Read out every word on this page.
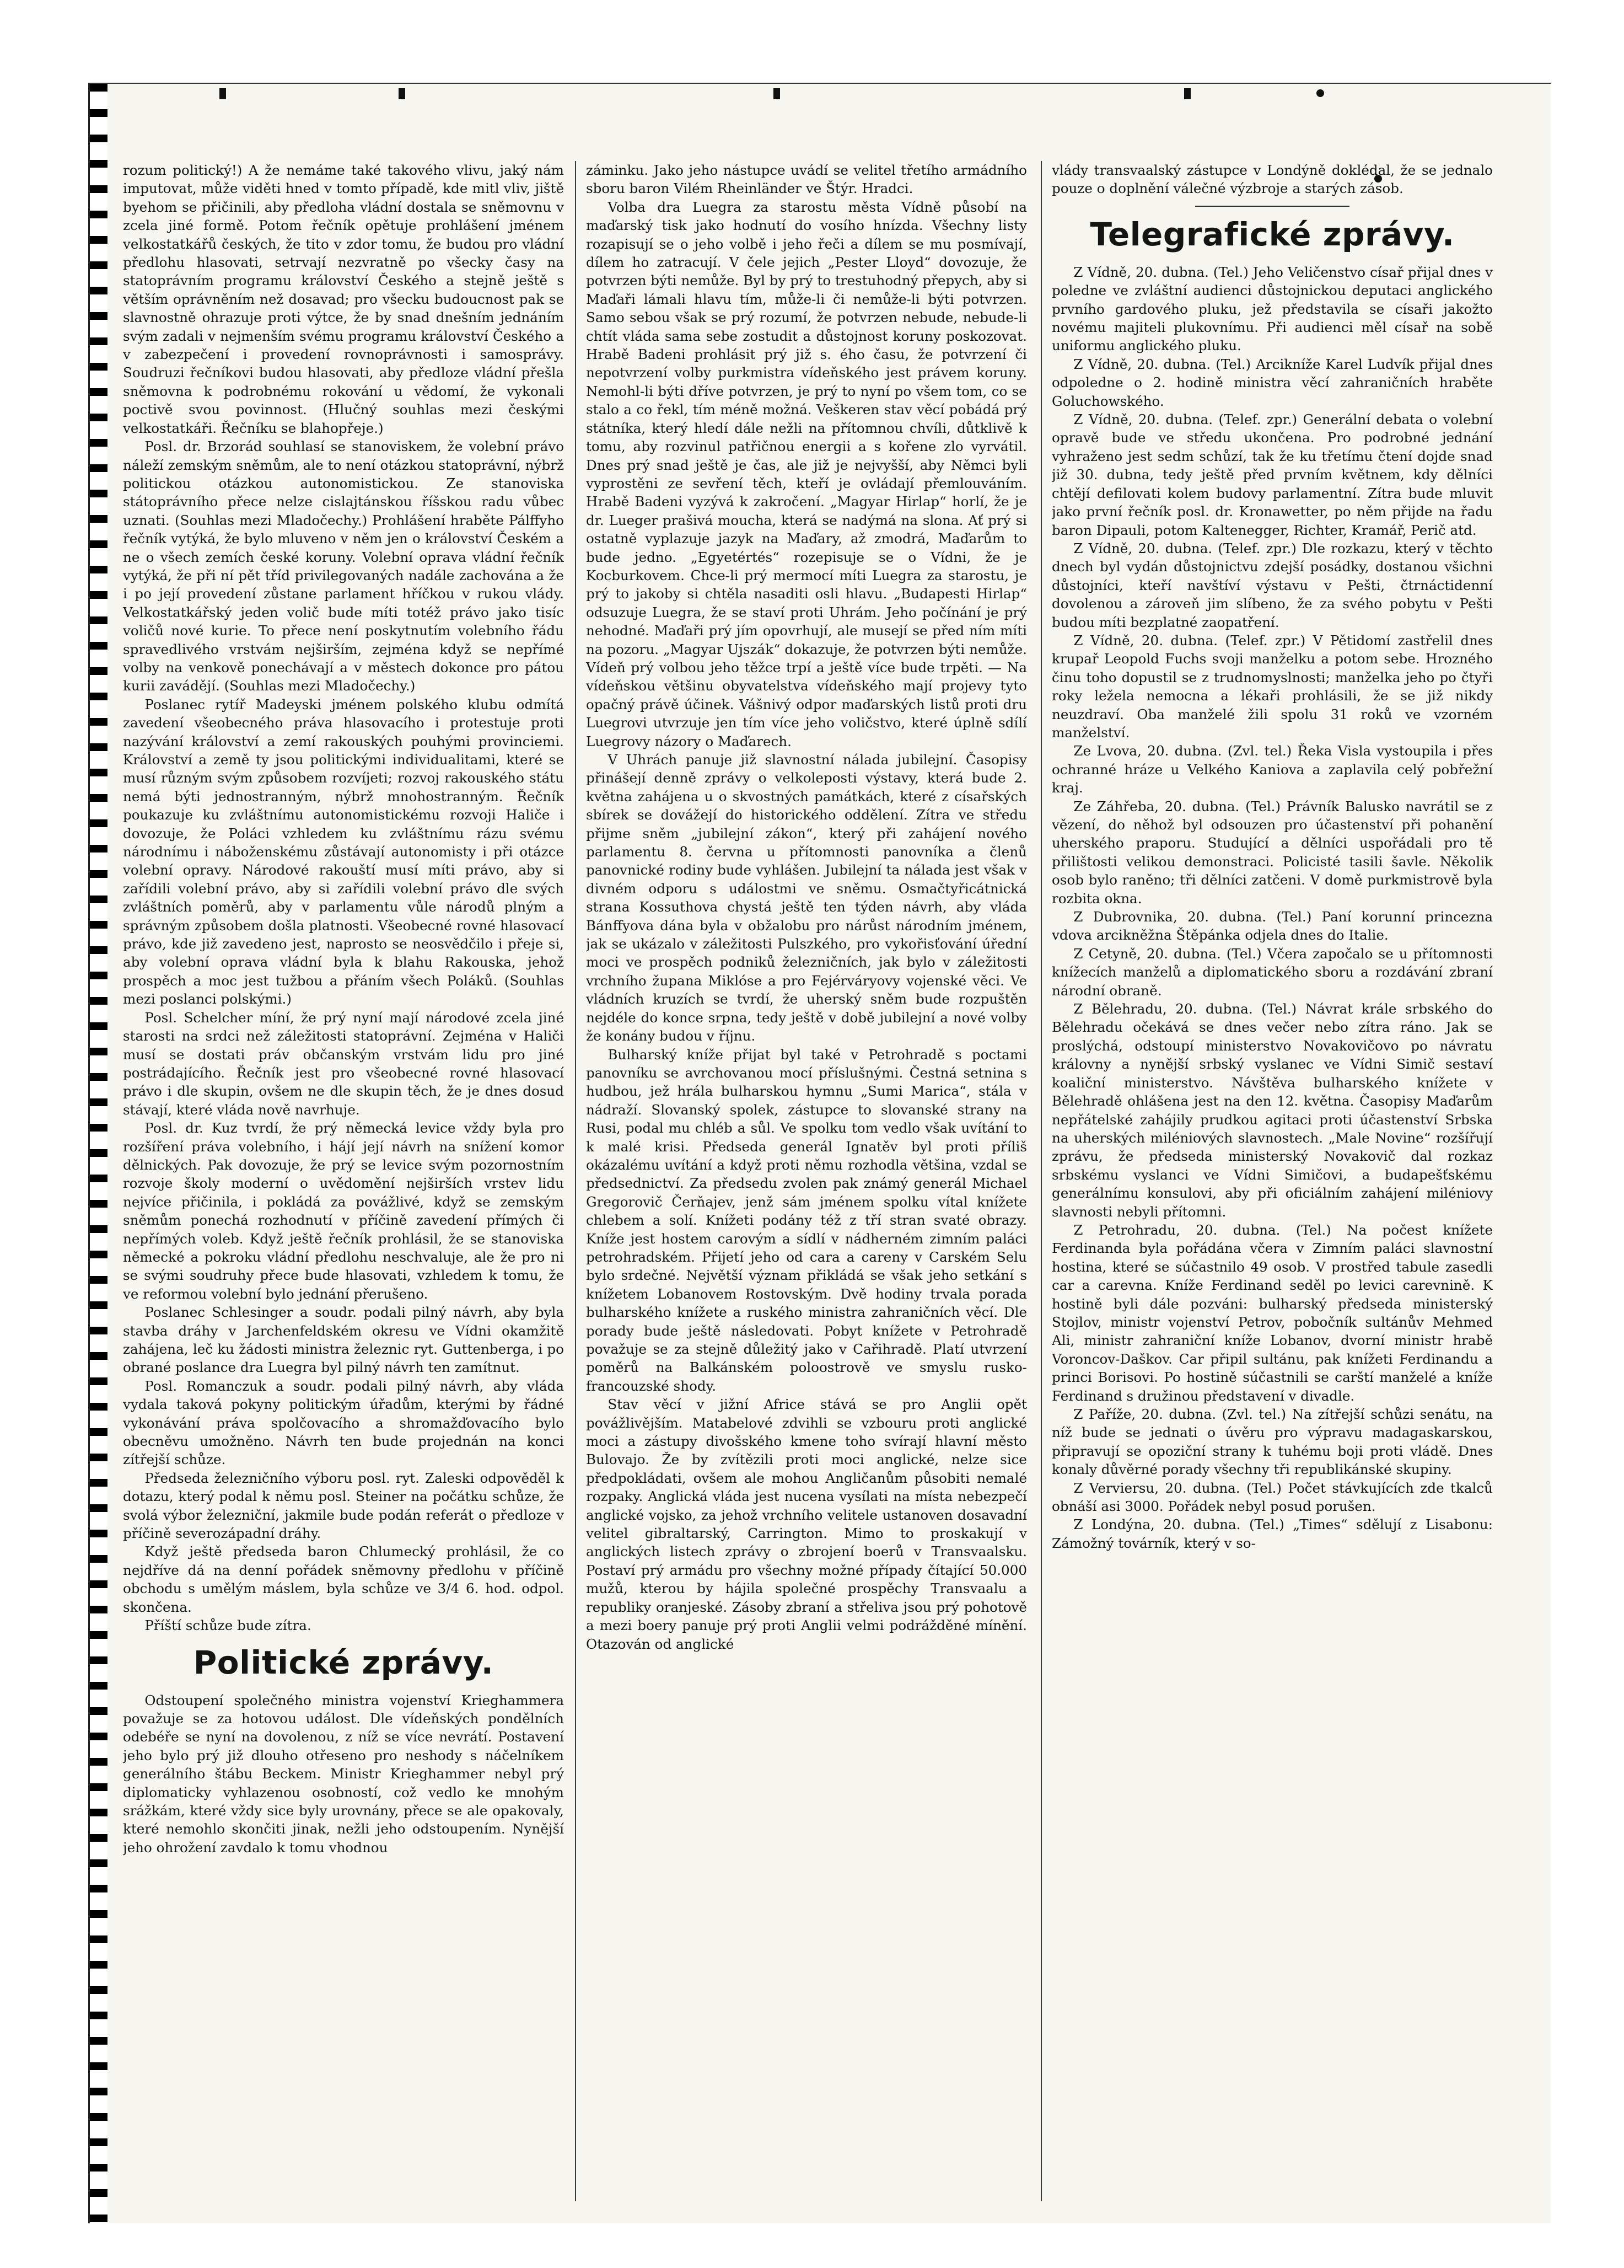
rozum politický!) A že nemáme také takového vlivu, jaký nám imputovat, může viděti hned v tomto případě, kde mitl vliv, jiště byehom se přičinili, aby předloha vládní dostala se sněmovnu v zcela jiné formě. Potom řečník opětuje prohlášení jménem velkostatkářů českých, že tito v zdor tomu, že budou pro vládní předlohu hlasovati, setrvají nezvratně po všecky časy na statoprávním programu království Českého a stejně ještě s větším oprávněním než dosavad; pro všecku budoucnost pak se slavnostně ohrazuje proti výtce, že by snad dnešním jednáním svým zadali v nejmenším svému programu království Českého a v zabezpečení i provedení rovnoprávnosti i samosprávy. Soudruzi řečníkovi budou hlasovati, aby předloze vládní přešla sněmovna k podrobnému rokování u vědomí, že vykonali poctivě svou povinnost. (Hlučný souhlas mezi českými velkostatkáři. Řečníku se blahopřeje.)

Posl. dr. Brzorád souhlasí se stanoviskem, že volební právo náleží zemským sněmům, ale to není otázkou statoprávní, nýbrž politickou otázkou autonomistickou. Ze stanoviska státoprávního přece nelze cislajtánskou říšskou radu vůbec uznati. (Souhlas mezi Mladočechy.) Prohlášení hraběte Pálffyho řečník vytýká, že bylo mluveno v něm jen o království Českém a ne o všech zemích české koruny. Volební oprava vládní řečník vytýká, že při ní pět tříd privilegovaných nadále zachována a že i po její provedení zůstane parlament hříčkou v rukou vlády. Velkostatkářský jeden volič bude míti totéž právo jako tisíc voličů nové kurie. To přece není poskytnutím volebního řádu spravedlivého vrstvám nejširším, zejména když se nepřímé volby na venkově ponechávají a v městech dokonce pro pátou kurii zavádějí. (Souhlas mezi Mladočechy.)

Poslanec rytíř Madeyski jménem polského klubu odmítá zavedení všeobecného práva hlasovacího i protestuje proti nazývání království a zemí rakouských pouhými provinciemi. Království a země ty jsou politickými individualitami, které se musí různým svým způsobem rozvíjeti; rozvoj rakouského státu nemá býti jednostranným, nýbrž mnohostranným. Řečník poukazuje ku zvláštnímu autonomistickému rozvoji Haliče i dovozuje, že Poláci vzhledem ku zvláštnímu rázu svému národnímu i náboženskému zůstávají autonomisty i při otázce volební opravy. Národové rakouští musí míti právo, aby si zařídili volební právo, aby si zařídili volební právo dle svých zvláštních poměrů, aby v parlamentu vůle národů plným a správným způsobem došla platnosti. Všeobecné rovné hlasovací právo, kde již zavedeno jest, naprosto se neosvědčilo i přeje si, aby volební oprava vládní byla k blahu Rakouska, jehož prospěch a moc jest tužbou a přáním všech Poláků. (Souhlas mezi poslanci polskými.)

Posl. Schelcher míní, že prý nyní mají národové zcela jiné starosti na srdci než záležitosti statoprávní. Zejména v Haliči musí se dostati práv občanským vrstvám lidu pro jiné postrádajícího. Řečník jest pro všeobecné rovné hlasovací právo i dle skupin, ovšem ne dle skupin těch, že je dnes dosud stávají, které vláda nově navrhuje.

Posl. dr. Kuz tvrdí, že prý německá levice vždy byla pro rozšíření práva volebního, i hájí její návrh na snížení komor dělnických. Pak dovozuje, že prý se levice svým pozornostním rozvoje školy moderní o uvědomění nejširších vrstev lidu nejvíce přičinila, i pokládá za povážlivé, když se zemským sněmům ponechá rozhodnutí v příčině zavedení přímých či nepřímých voleb. Když ještě řečník prohlásil, že se stanoviska německé a pokroku vládní předlohu neschvaluje, ale že pro ni se svými soudruhy přece bude hlasovati, vzhledem k tomu, že ve reformou volební bylo jednání přerušeno.

Poslanec Schlesinger a soudr. podali pilný návrh, aby byla stavba dráhy v Jarchenfeldském okresu ve Vídni okamžitě zahájena, leč ku žádosti ministra železnic ryt. Guttenberga, i po obrané poslance dra Luegra byl pilný návrh ten zamítnut.

Posl. Romanczuk a soudr. podali pilný návrh, aby vláda vydala taková pokyny politickým úřadům, kterými by řádné vykonávání práva spolčovacího a shromažďovacího bylo obecněvu umožněno. Návrh ten bude projednán na konci zítřejší schůze.

Předseda železničního výboru posl. ryt. Zaleski odpověděl k dotazu, který podal k němu posl. Steiner na počátku schůze, že svolá výbor železniční, jakmile bude podán referát o předloze v příčině severozápadní dráhy.

Když ještě předseda baron Chlumecký prohlásil, že co nejdříve dá na denní pořádek sněmovny předlohu v příčině obchodu s umělým máslem, byla schůze ve 3/4 6. hod. odpol. skončena.

Příští schůze bude zítra.

Politické zprávy.

Odstoupení společného ministra vojenství Krieghammera považuje se za hotovou událost. Dle vídeňských pondělních odebéře se nyní na dovolenou, z níž se více nevrátí. Postavení jeho bylo prý již dlouho otřeseno pro neshody s náčelníkem generálního štábu Beckem. Ministr Krieghammer nebyl prý diplomaticky vyhlazenou osobností, což vedlo ke mnohým srážkám, které vždy sice byly urovnány, přece se ale opakovaly, které nemohlo skončiti jinak, nežli jeho odstoupením. Nynější jeho ohrožení zavdalo k tomu vhodnou

záminku. Jako jeho nástupce uvádí se velitel třetího armádního sboru baron Vilém Rheinländer ve Štýr. Hradci.

Volba dra Luegra za starostu města Vídně působí na maďarský tisk jako hodnutí do vosího hnízda. Všechny listy rozapisují se o jeho volbě i jeho řeči a dílem se mu posmívají, dílem ho zatracují. V čele jejich „Pester Lloyd“ dovozuje, že potvrzen býti nemůže. Byl by prý to trestuhodný přepych, aby si Maďaři lámali hlavu tím, může-li či nemůže-li býti potvrzen. Samo sebou však se prý rozumí, že potvrzen nebude, nebude-li chtít vláda sama sebe zostudit a důstojnost koruny poskozovat. Hrabě Badeni prohlásit prý již s. ého času, že potvrzení či nepotvrzení volby purkmistra vídeňského jest právem koruny. Nemohl-li býti dříve potvrzen, je prý to nyní po všem tom, co se stalo a co řekl, tím méně možná. Veškeren stav věcí pobádá prý státníka, který hledí dále nežli na přítomnou chvíli, důtklivě k tomu, aby rozvinul patřičnou energii a s kořene zlo vyrvátil. Dnes prý snad ještě je čas, ale již je nejvyšší, aby Němci byli vyprostěni ze sevření těch, kteří je ovládají přemlouváním. Hrabě Badeni vyzývá k zakročení. „Magyar Hirlap“ horlí, že je dr. Lueger prašivá mouchа, která se nadýmá na slona. Ať prý si ostatně vyplazuje jazyk na Maďary, až zmodrá, Maďarům to bude jedno. „Egyetértés“ rozepisuje se o Vídni, že je Kocburkovem. Chce-li prý mermocí míti Luegra za starostu, je prý to jakoby si chtěla nasaditi osli hlavu. „Budapesti Hirlap“ odsuzuje Luegra, že se staví proti Uhrám. Jeho počínání je prý nehodné. Maďaři prý jím opovrhují, ale musejí se před ním míti na pozoru. „Magyar Ujszák“ dokazuje, že potvrzen býti nemůže. Vídeň prý volbou jeho těžce trpí a ještě více bude trpěti. — Na vídeňskou většinu obyvatelstva vídeňského mají projevy tyto opačný právě účinek. Vášnivý odpor maďarských listů proti dru Luegrovi utvrzuje jen tím více jeho voličstvo, které úplně sdílí Luegrovy názory o Maďarech.

V Uhrách panuje již slavnostní nálada jubilejní. Časopisy přinášejí denně zprávy o velkoleposti výstavy, která bude 2. května zahájena u o skvostných památkách, které z císařských sbírek se dovážejí do historického oddělení. Zítra ve středu přijme sněm „jubilejní zákon“, který při zahájení nového parlamentu 8. června u přítomnosti panovníka a členů panovnické rodiny bude vyhlášen. Jubilejní ta nálada jest však v divném odporu s událostmi ve sněmu. Osmačtyřicátnická strana Kossuthova chystá ještě ten týden návrh, aby vláda Bánffyova dána byla v obžalobu pro nárůst národním jménem, jak se ukázalo v záležitosti Pulszkého, pro vykořisťování úřední moci ve prospěch podniků železničních, jak bylo v záležitosti vrchního župana Miklóse a pro Fejérváryovy vojenské věci. Ve vládních kruzích se tvrdí, že uherský sněm bude rozpuštěn nejdéle do konce srpna, tedy ještě v době jubilejní a nové volby že konány budou v říjnu.

Bulharský kníže přijat byl také v Petrohradě s poctami panovníku se avrchovanou mocí příslušnými. Čestná setnina s hudbou, jež hrála bulharskou hymnu „Sumi Marica“, stála v nádraží. Slovanský spolek, zástupce to slovanské strany na Rusi, podal mu chléb a sůl. Ve spolku tom vedlo však uvítání to k malé krisi. Předseda generál Ignatěv byl proti příliš okázalému uvítání a když proti němu rozhodla většina, vzdal se předsednictví. Za předsedu zvolen pak známý generál Michael Gregorovič Čerňajev, jenž sám jménem spolku vítal knížete chlebem a solí. Knížeti podány též z tří stran svaté obrazy. Kníže jest hostem carovým a sídlí v nádherném zimním paláci petrohradském. Přijetí jeho od cara a careny v Carském Selu bylo srdečné. Největší význam přikládá se však jeho setkání s knížetem Lobanovem Rostovským. Dvě hodiny trvala porada bulharského knížete a ruského ministra zahraničních věcí. Dle porady bude ještě následovati. Pobyt knížete v Petrohradě považuje se za stejně důležitý jako v Cařihradě. Platí utvrzení poměrů na Balkánském poloostrově ve smyslu rusko-francouzské shody.

Stav věcí v jižní Africe stává se pro Anglii opět povážlivějším. Matabelové zdvihli se vzbouru proti anglické moci a zástupy divošského kmene toho svírají hlavní město Bulovajo. Že by zvítězili proti moci anglické, nelze sice předpokládati, ovšem ale mohou Angličanům působiti nemalé rozpaky. Anglická vláda jest nucena vysílati na místa nebezpečí anglické vojsko, za jehož vrchního velitele ustanoven dosavadní velitel gibraltarský, Carrington. Mimo to proskakují v anglických listech zprávy o zbrojení boerů v Transvaalsku. Postaví prý armádu pro všechny možné případy čítající 50.000 mužů, kterou by hájila společné prospěchy Transvaalu a republiky oranjeské. Zásoby zbraní a střeliva jsou prý pohotově a mezi boery panuje prý proti Anglii velmi podrážděné mínění. Otazován od anglické

vlády transvaalský zástupce v Londýně doklédal, že se jednalo pouze o doplnění válečné výzbroje a starých zásob.

Telegrafické zprávy.

Z Vídně, 20. dubna. (Tel.) Jeho Veličenstvo císař přijal dnes v poledne ve zvláštní audienci důstojnickou deputaci anglického prvního gardového pluku, jež představila se císaři jakožto novému majiteli plukovnímu. Při audienci měl císař na sobě uniformu anglického pluku.

Z Vídně, 20. dubna. (Tel.) Arcikníže Karel Ludvík přijal dnes odpoledne o 2. hodině ministra věcí zahraničních hraběte Goluchowského.

Z Vídně, 20. dubna. (Telef. zpr.) Generální debata o volební opravě bude ve středu ukončena. Pro podrobné jednání vyhraženo jest sedm schůzí, tak že ku třetímu čtení dojde snad již 30. dubna, tedy ještě před prvním květnem, kdy dělníci chtějí defilovati kolem budovy parlamentní. Zítra bude mluvit jako první řečník posl. dr. Kronawetter, po něm přijde na řadu baron Dipauli, potom Kaltenegger, Richter, Kramář, Perič atd.

Z Vídně, 20. dubna. (Telef. zpr.) Dle rozkazu, který v těchto dnech byl vydán důstojnictvu zdejší posádky, dostanou všichni důstojníci, kteří navštíví výstavu v Pešti, čtrnáctidenní dovolenou a zároveň jim slíbeno, že za svého pobytu v Pešti budou míti bezplatné zaopatření.

Z Vídně, 20. dubna. (Telef. zpr.) V Pětidomí zastřelil dnes krupař Leopold Fuchs svoji manželku a potom sebe. Hrozného činu toho dopustil se z trudnomyslnosti; manželka jeho po čtyři roky ležela nemocna a lékaři prohlásili, že se již nikdy neuzdraví. Oba manželé žili spolu 31 roků ve vzorném manželství.

Ze Lvova, 20. dubna. (Zvl. tel.) Řeka Visla vystoupila i přes ochranné hráze u Velkého Kaniova a zaplavila celý pobřežní kraj.

Ze Záhřeba, 20. dubna. (Tel.) Právník Balusko navrátil se z vězení, do něhož byl odsouzen pro účastenství při pohanění uherského praporu. Studující a dělníci uspořádali pro tě přilištosti velikou demonstraci. Policisté tasili šavle. Několik osob bylo raněno; tři dělníci zatčeni. V domě purkmistrově byla rozbita okna.

Z Dubrovnika, 20. dubna. (Tel.) Paní korunní princezna vdova arcikněžna Štěpánka odjela dnes do Italie.

Z Cetyně, 20. dubna. (Tel.) Včera započalo se u přítomnosti knížecích manželů a diplomatického sboru a rozdávání zbraní národní obraně.

Z Bělehradu, 20. dubna. (Tel.) Návrat krále srbského do Bělehradu očekává se dnes večer nebo zítra ráno. Jak se proslýchá, odstoupí ministerstvo Novakovičovo po návratu královny a nynější srbský vyslanec ve Vídni Simič sestaví koaliční ministerstvo. Návštěva bulharského knížete v Bělehradě ohlášena jest na den 12. května. Časopisy Maďarům nepřátelské zahájily prudkou agitaci proti účastenství Srbska na uherských miléniových slavnostech. „Male Novine“ rozšířují zprávu, že předseda ministerský Novakovič dal rozkaz srbskému vyslanci ve Vídni Simičovi, a budapešťskému generálnímu konsulovi, aby při oficiálním zahájení miléniovy slavnosti nebyli přítomni.

Z Petrohradu, 20. dubna. (Tel.) Na počest knížete Ferdinanda byla pořádána včera v Zimním paláci slavnostní hostina, které se súčastnilo 49 osob. V prostřed tabule zasedli car a carevna. Kníže Ferdinand seděl po levici carevnině. K hostině byli dále pozváni: bulharský předseda ministerský Stojlov, ministr vojenství Petrov, pobočník sultánův Mehmed Ali, ministr zahraniční kníže Lobanov, dvorní ministr hrabě Voroncov-Daškov. Car připil sultánu, pak knížeti Ferdinandu a princi Borisovi. Po hostině súčastnili se carští manželé a kníže Ferdinand s družinou představení v divadle.

Z Paříže, 20. dubna. (Zvl. tel.) Na zítřejší schůzi senátu, na níž bude se jednati o úvěru pro výpravu madagaskarskou, připravují se opoziční strany k tuhému boji proti vládě. Dnes konaly důvěrné porady všechny tři republikánské skupiny.

Z Verviersu, 20. dubna. (Tel.) Počet stávkujících zde tkalců obnáší asi 3000. Pořádek nebyl posud porušen.

Z Londýna, 20. dubna. (Tel.) „Times“ sdělují z Lisabonu: Zámožný továrník, který v so-
